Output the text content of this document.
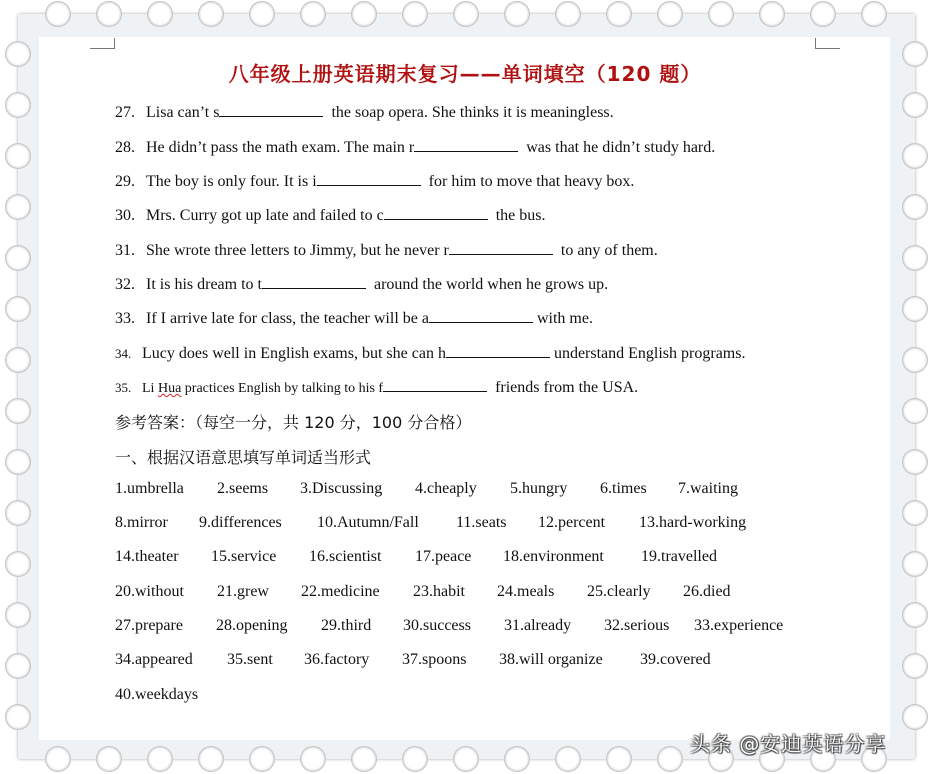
八年级上册英语期末复习——单词填空（120 题）
27. Lisa can’t s	the soap opera. She thinks it is meaningless.
28. He didn’t pass the math exam. The main r	was that he didn’t study hard.
29. The boy is only four. It is i	for him to move that heavy box.
30. Mrs. Curry got up late and failed to c	the bus.
31. She wrote three letters to Jimmy, but he never r	to any of them.
32. It is his dream to t	around the world when he grows up.
33. If I arrive late for class, the teacher will be a	with me.
34. Lucy does well in English exams, but she can h	understand English programs.
35. Li Hua practices English by talking to his f	friends from the USA.
参考答案：（每空一分，共 120 分，100 分合格）
一、根据汉语意思填写单词适当形式
1.umbrella 2.seems 3.Discussing 4.cheaply 5.hungry 6.times 7.waiting
8.mirror 9.differences 10.Autumn/Fall 11.seats 12.percent 13.hard-working
14.theater 15.service 16.scientist 17.peace 18.environment 19.travelled
20.without 21.grew 22.medicine 23.habit 24.meals 25.clearly 26.died
27.prepare 28.opening 29.third 30.success 31.already 32.serious 33.experience
34.appeared 35.sent 36.factory 37.spoons 38.will organize 39.covered
40.weekdays
头条 @安迪英语分享
